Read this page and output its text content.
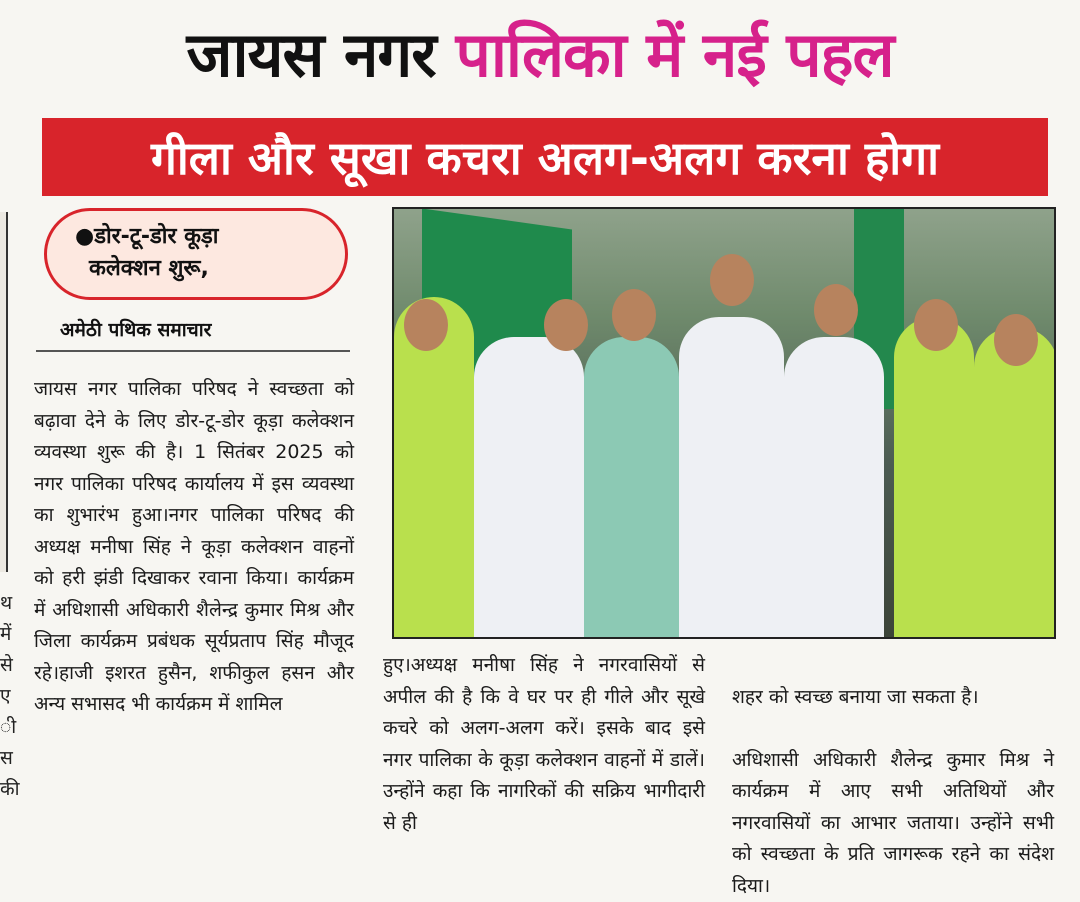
जायस नगर पालिका में नई पहल
गीला और सूखा कचरा अलग-अलग करना होगा
थ
में
से
ए
ी
स
की
●डोर-टू-डोर कूड़ा
कलेक्शन शुरू,
अमेठी पथिक समाचार
जायस नगर पालिका परिषद ने स्वच्छता को बढ़ावा देने के लिए डोर-टू-डोर कूड़ा कलेक्शन व्यवस्था शुरू की है। 1 सितंबर 2025 को नगर पालिका परिषद कार्यालय में इस व्यवस्था का शुभारंभ हुआ।नगर पालिका परिषद की अध्यक्ष मनीषा सिंह ने कूड़ा कलेक्शन वाहनों को हरी झंडी दिखाकर रवाना किया। कार्यक्रम में अधिशासी अधिकारी शैलेन्द्र कुमार मिश्र और जिला कार्यक्रम प्रबंधक सूर्यप्रताप सिंह मौजूद रहे।हाजी इशरत हुसैन, शफीकुल हसन और अन्य सभासद भी कार्यक्रम में शामिल
हुए।अध्यक्ष मनीषा सिंह ने नगरवासियों से अपील की है कि वे घर पर ही गीले और सूखे कचरे को अलग-अलग करें। इसके बाद इसे नगर पालिका के कूड़ा कलेक्शन वाहनों में डालें। उन्होंने कहा कि नागरिकों की सक्रिय भागीदारी से ही

शहर को स्वच्छ बनाया जा सकता है।

अधिशासी अधिकारी शैलेन्द्र कुमार मिश्र ने कार्यक्रम में आए सभी अतिथियों और नगरवासियों का आभार जताया। उन्होंने सभी को स्वच्छता के प्रति जागरूक रहने का संदेश दिया।
